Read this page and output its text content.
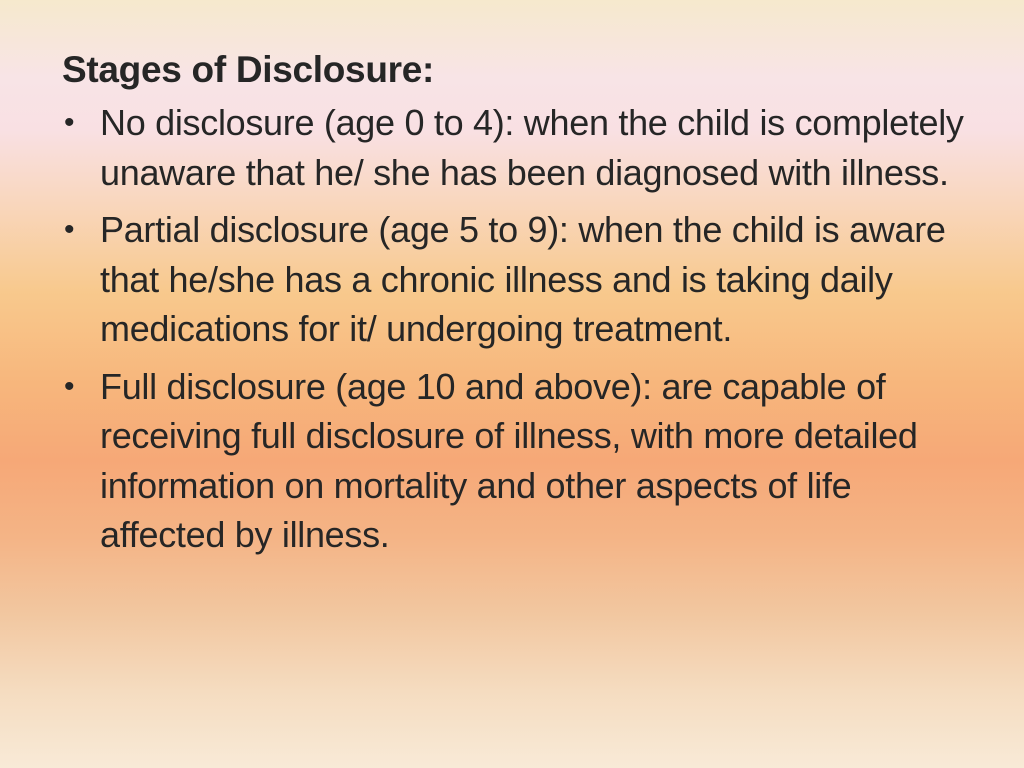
Stages of Disclosure:
• No disclosure (age 0 to 4): when the child is completely unaware that he/ she has been diagnosed with illness.
• Partial disclosure (age 5 to 9): when the child is aware that he/she has a chronic illness and is taking daily medications for it/ undergoing treatment.
• Full disclosure (age 10 and above): are capable of receiving full disclosure of illness, with more detailed information on mortality and other aspects of life affected by illness.
